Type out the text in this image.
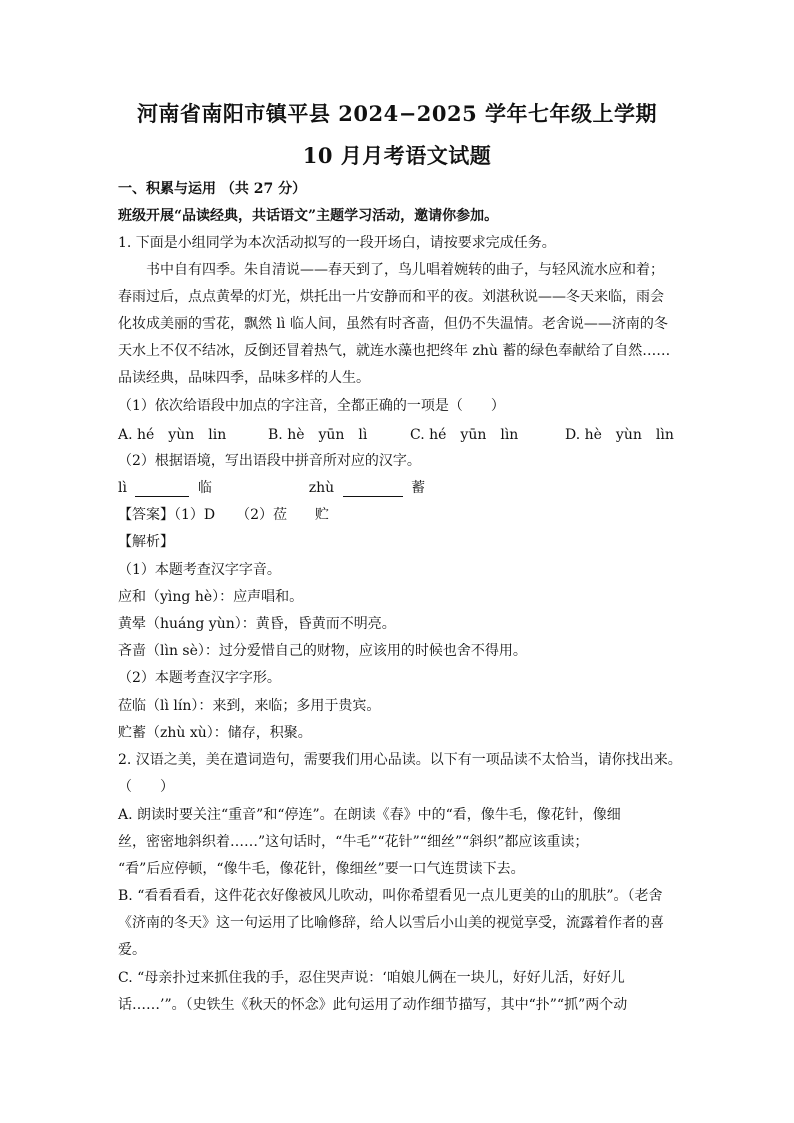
河南省南阳市镇平县 2024−2025 学年七年级上学期
10 月月考语文试题
一、积累与运用 （共 27 分）
班级开展“品读经典，共话语文”主题学习活动，邀请你参加。
1. 下面是小组同学为本次活动拟写的一段开场白，请按要求完成任务。
书中自有四季。朱自清说——春天到了，鸟儿唱着婉转的曲子，与轻风流水应和着；
春雨过后，点点黄晕的灯光，烘托出一片安静而和平的夜。刘湛秋说——冬天来临，雨会
化妆成美丽的雪花，飘然 lì 临人间，虽然有时吝啬，但仍不失温情。老舍说——济南的冬
天水上不仅不结冰，反倒还冒着热气，就连水藻也把终年 zhù 蓄的绿色奉献给了自然……
品读经典，品味四季，品味多样的人生。
（1）依次给语段中加点的字注音，全都正确的一项是（　　）
A. hé　yùn　lin	B. hè　yūn　lì	C. hé　yūn　lìn	D. hè　yùn　lìn
（2）根据语境，写出语段中拼音所对应的汉字。
lì	临	zhù	蓄
【答案】（1）D　　（2）莅　　贮
【解析】
（1）本题考查汉字字音。
应和（yìng hè）：应声唱和。
黄晕（huáng yùn）：黄昏，昏黄而不明亮。
吝啬（lìn sè）：过分爱惜自己的财物，应该用的时候也舍不得用。
（2）本题考查汉字字形。
莅临（lì lín）：来到，来临；多用于贵宾。
贮蓄（zhù xù）：储存，积聚。
2. 汉语之美，美在遣词造句，需要我们用心品读。以下有一项品读不太恰当，请你找出来。
（　　）
A. 朗读时要关注“重音”和“停连”。在朗读《春》中的“看，像牛毛，像花针，像细
丝，密密地斜织着……”这句话时，“牛毛”“花针”“细丝”“斜织”都应该重读；
“看”后应停顿，“像牛毛，像花针，像细丝”要一口气连贯读下去。
B. “看看看看，这件花衣好像被风儿吹动，叫你希望看见一点儿更美的山的肌肤”。（老舍
《济南的冬天》这一句运用了比喻修辞，给人以雪后小山美的视觉享受，流露着作者的喜
爱。
C. “母亲扑过来抓住我的手，忍住哭声说：‘咱娘儿俩在一块儿，好好儿活，好好儿
话……’”。（史铁生《秋天的怀念》此句运用了动作细节描写，其中“扑”“抓”两个动
